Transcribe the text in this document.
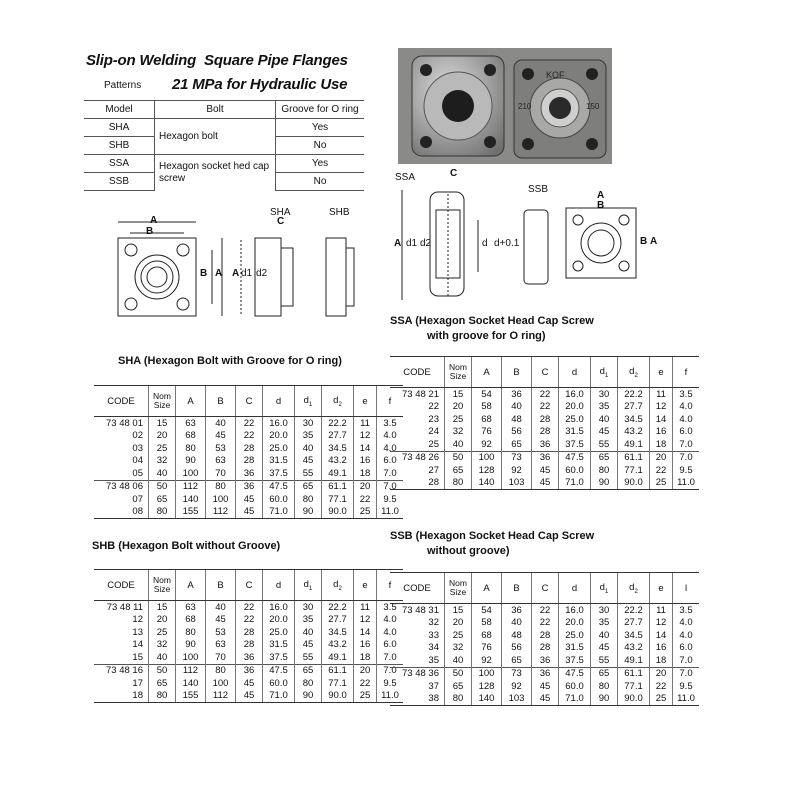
Slip-on Welding Square Pipe Flanges
Patterns 21 MPa for Hydraulic Use
Model	Bolt	Groove for O ring
SHA	Hexagon bolt	Yes
SHB		No
SSA	Hexagon socket hed cap screw	Yes
SSB		No
KOF
210	150
A
B
B A A d1 d2
SHA
C
SHB
SSA	C
A d1 d2	d d+0.1
SSB
A
B
B A
SHA (Hexagon Bolt with Groove for O ring)
SHB (Hexagon Bolt without Groove)
SSA (Hexagon Socket Head Cap Screw
with groove for O ring)
SSB (Hexagon Socket Head Cap Screw
without groove)
CODE	Nom
Size	A	B	C	d	$d_1$	$d_2$	e	f
73 48 01	15	63	40	22	16.0	30	22.2	11	3.5
02	20	68	45	22	20.0	35	27.7	12	4.0
03	25	80	53	28	25.0	40	34.5	14	4.0
04	32	90	63	28	31.5	45	43.2	16	6.0
05	40	100	70	36	37.5	55	49.1	18	7.0
73 48 06	50	112	80	36	47.5	65	61.1	20	7.0
07	65	140	100	45	60.0	80	77.1	22	9.5
08	80	155	112	45	71.0	90	90.0	25	11.0
CODE	Nom
Size	A	B	C	d	$d_1$	$d_2$	e	f
73 48 11	15	63	40	22	16.0	30	22.2	11	3.5
12	20	68	45	22	20.0	35	27.7	12	4.0
13	25	80	53	28	25.0	40	34.5	14	4.0
14	32	90	63	28	31.5	45	43.2	16	6.0
15	40	100	70	36	37.5	55	49.1	18	7.0
73 48 16	50	112	80	36	47.5	65	61.1	20	7.0
17	65	140	100	45	60.0	80	77.1	22	9.5
18	80	155	112	45	71.0	90	90.0	25	11.0
CODE	Nom
Size	A	B	C	d	$d_1$	$d_2$	e	f
73 48 21	15	54	36	22	16.0	30	22.2	11	3.5
22	20	58	40	22	20.0	35	27.7	12	4.0
23	25	68	48	28	25.0	40	34.5	14	4.0
24	32	76	56	28	31.5	45	43.2	16	6.0
25	40	92	65	36	37.5	55	49.1	18	7.0
73 48 26	50	100	73	36	47.5	65	61.1	20	7.0
27	65	128	92	45	60.0	80	77.1	22	9.5
28	80	140	103	45	71.0	90	90.0	25	11.0
CODE	Nom
Size	A	B	C	d	$d_1$	$d_2$	e	l
73 48 31	15	54	36	22	16.0	30	22.2	11	3.5
32	20	58	40	22	20.0	35	27.7	12	4.0
33	25	68	48	28	25.0	40	34.5	14	4.0
34	32	76	56	28	31.5	45	43.2	16	6.0
35	40	92	65	36	37.5	55	49.1	18	7.0
73 48 36	50	100	73	36	47.5	65	61.1	20	7.0
37	65	128	92	45	60.0	80	77.1	22	9.5
38	80	140	103	45	71.0	90	90.0	25	11.0
